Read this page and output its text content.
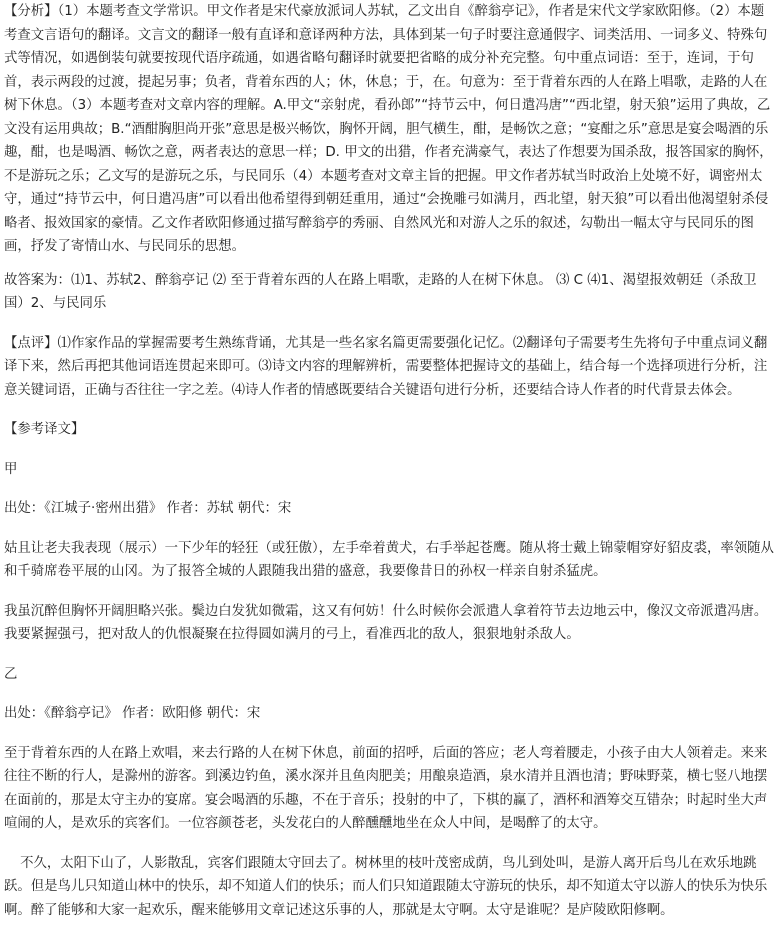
【分析】（1）本题考查文学常识。甲文作者是宋代豪放派词人苏轼，乙文出自《醉翁亭记》，作者是宋代文学家欧阳修。（2）本题考查文言语句的翻译。文言文的翻译一般有直译和意译两种方法，具体到某一句子时要注意通假字、词类活用、一词多义、特殊句式等情况，如遇倒装句就要按现代语序疏通，如遇省略句翻译时就要把省略的成分补充完整。句中重点词语：至于，连词，于句首，表示两段的过渡，提起另事；负者，背着东西的人；休，休息；于，在。句意为：至于背着东西的人在路上唱歌，走路的人在树下休息。（3）本题考查对文章内容的理解。A.甲文“亲射虎，看孙郎”“持节云中，何日遣冯唐”“西北望，射天狼”运用了典故，乙文没有运用典故；B.“酒酣胸胆尚开张”意思是极兴畅饮，胸怀开阔，胆气横生，酣，是畅饮之意；“宴酣之乐”意思是宴会喝酒的乐趣，酣，也是喝酒、畅饮之意，两者表达的意思一样；D. 甲文的出猎，作者充满豪气，表达了作想要为国杀敌，报答国家的胸怀，不是游玩之乐；乙文写的是游玩之乐，与民同乐（4）本题考查对文章主旨的把握。甲文作者苏轼当时政治上处境不好，调密州太守，通过“持节云中，何日遣冯唐”可以看出他希望得到朝廷重用，通过“会挽雕弓如满月，西北望，射天狼”可以看出他渴望射杀侵略者、报效国家的豪情。乙文作者欧阳修通过描写醉翁亭的秀丽、自然风光和对游人之乐的叙述，勾勒出一幅太守与民同乐的图画，抒发了寄情山水、与民同乐的思想。

故答案为：⑴1、苏轼2、醉翁亭记 ⑵ 至于背着东西的人在路上唱歌，走路的人在树下休息。 ⑶ C ⑷1、渴望报效朝廷（杀敌卫国）2、与民同乐

【点评】⑴作家作品的掌握需要考生熟练背诵，尤其是一些名家名篇更需要强化记忆。⑵翻译句子需要考生先将句子中重点词义翻译下来，然后再把其他词语连贯起来即可。⑶诗文内容的理解辨析，需要整体把握诗文的基础上，结合每一个选择项进行分析，注意关键词语，正确与否往往一字之差。⑷诗人作者的情感既要结合关键语句进行分析，还要结合诗人作者的时代背景去体会。

【参考译文】

甲

出处：《江城子·密州出猎》 作者：苏轼 朝代：宋

姑且让老夫我表现（展示）一下少年的轻狂（或狂傲），左手牵着黄犬，右手举起苍鹰。随从将士戴上锦蒙帽穿好貂皮裘，率领随从和千骑席卷平展的山冈。为了报答全城的人跟随我出猎的盛意，我要像昔日的孙权一样亲自射杀猛虎。

我虽沉醉但胸怀开阔胆略兴张。鬓边白发犹如微霜，这又有何妨！什么时候你会派遣人拿着符节去边地云中，像汉文帝派遣冯唐。我要紧握强弓，把对敌人的仇恨凝聚在拉得圆如满月的弓上，看准西北的敌人，狠狠地射杀敌人。

乙

出处：《醉翁亭记》 作者：欧阳修 朝代：宋

至于背着东西的人在路上欢唱，来去行路的人在树下休息，前面的招呼，后面的答应；老人弯着腰走，小孩子由大人领着走。来来往往不断的行人，是滁州的游客。到溪边钓鱼，溪水深并且鱼肉肥美；用酿泉造酒，泉水清并且酒也清；野味野菜，横七竖八地摆在面前的，那是太守主办的宴席。宴会喝酒的乐趣，不在于音乐；投射的中了，下棋的赢了，酒杯和酒筹交互错杂；时起时坐大声喧闹的人，是欢乐的宾客们。一位容颜苍老，头发花白的人醉醺醺地坐在众人中间，是喝醉了的太守。

不久，太阳下山了，人影散乱，宾客们跟随太守回去了。树林里的枝叶茂密成荫，鸟儿到处叫，是游人离开后鸟儿在欢乐地跳跃。但是鸟儿只知道山林中的快乐，却不知道人们的快乐；而人们只知道跟随太守游玩的快乐，却不知道太守以游人的快乐为快乐啊。醉了能够和大家一起欢乐，醒来能够用文章记述这乐事的人，那就是太守啊。太守是谁呢？是庐陵欧阳修啊。
